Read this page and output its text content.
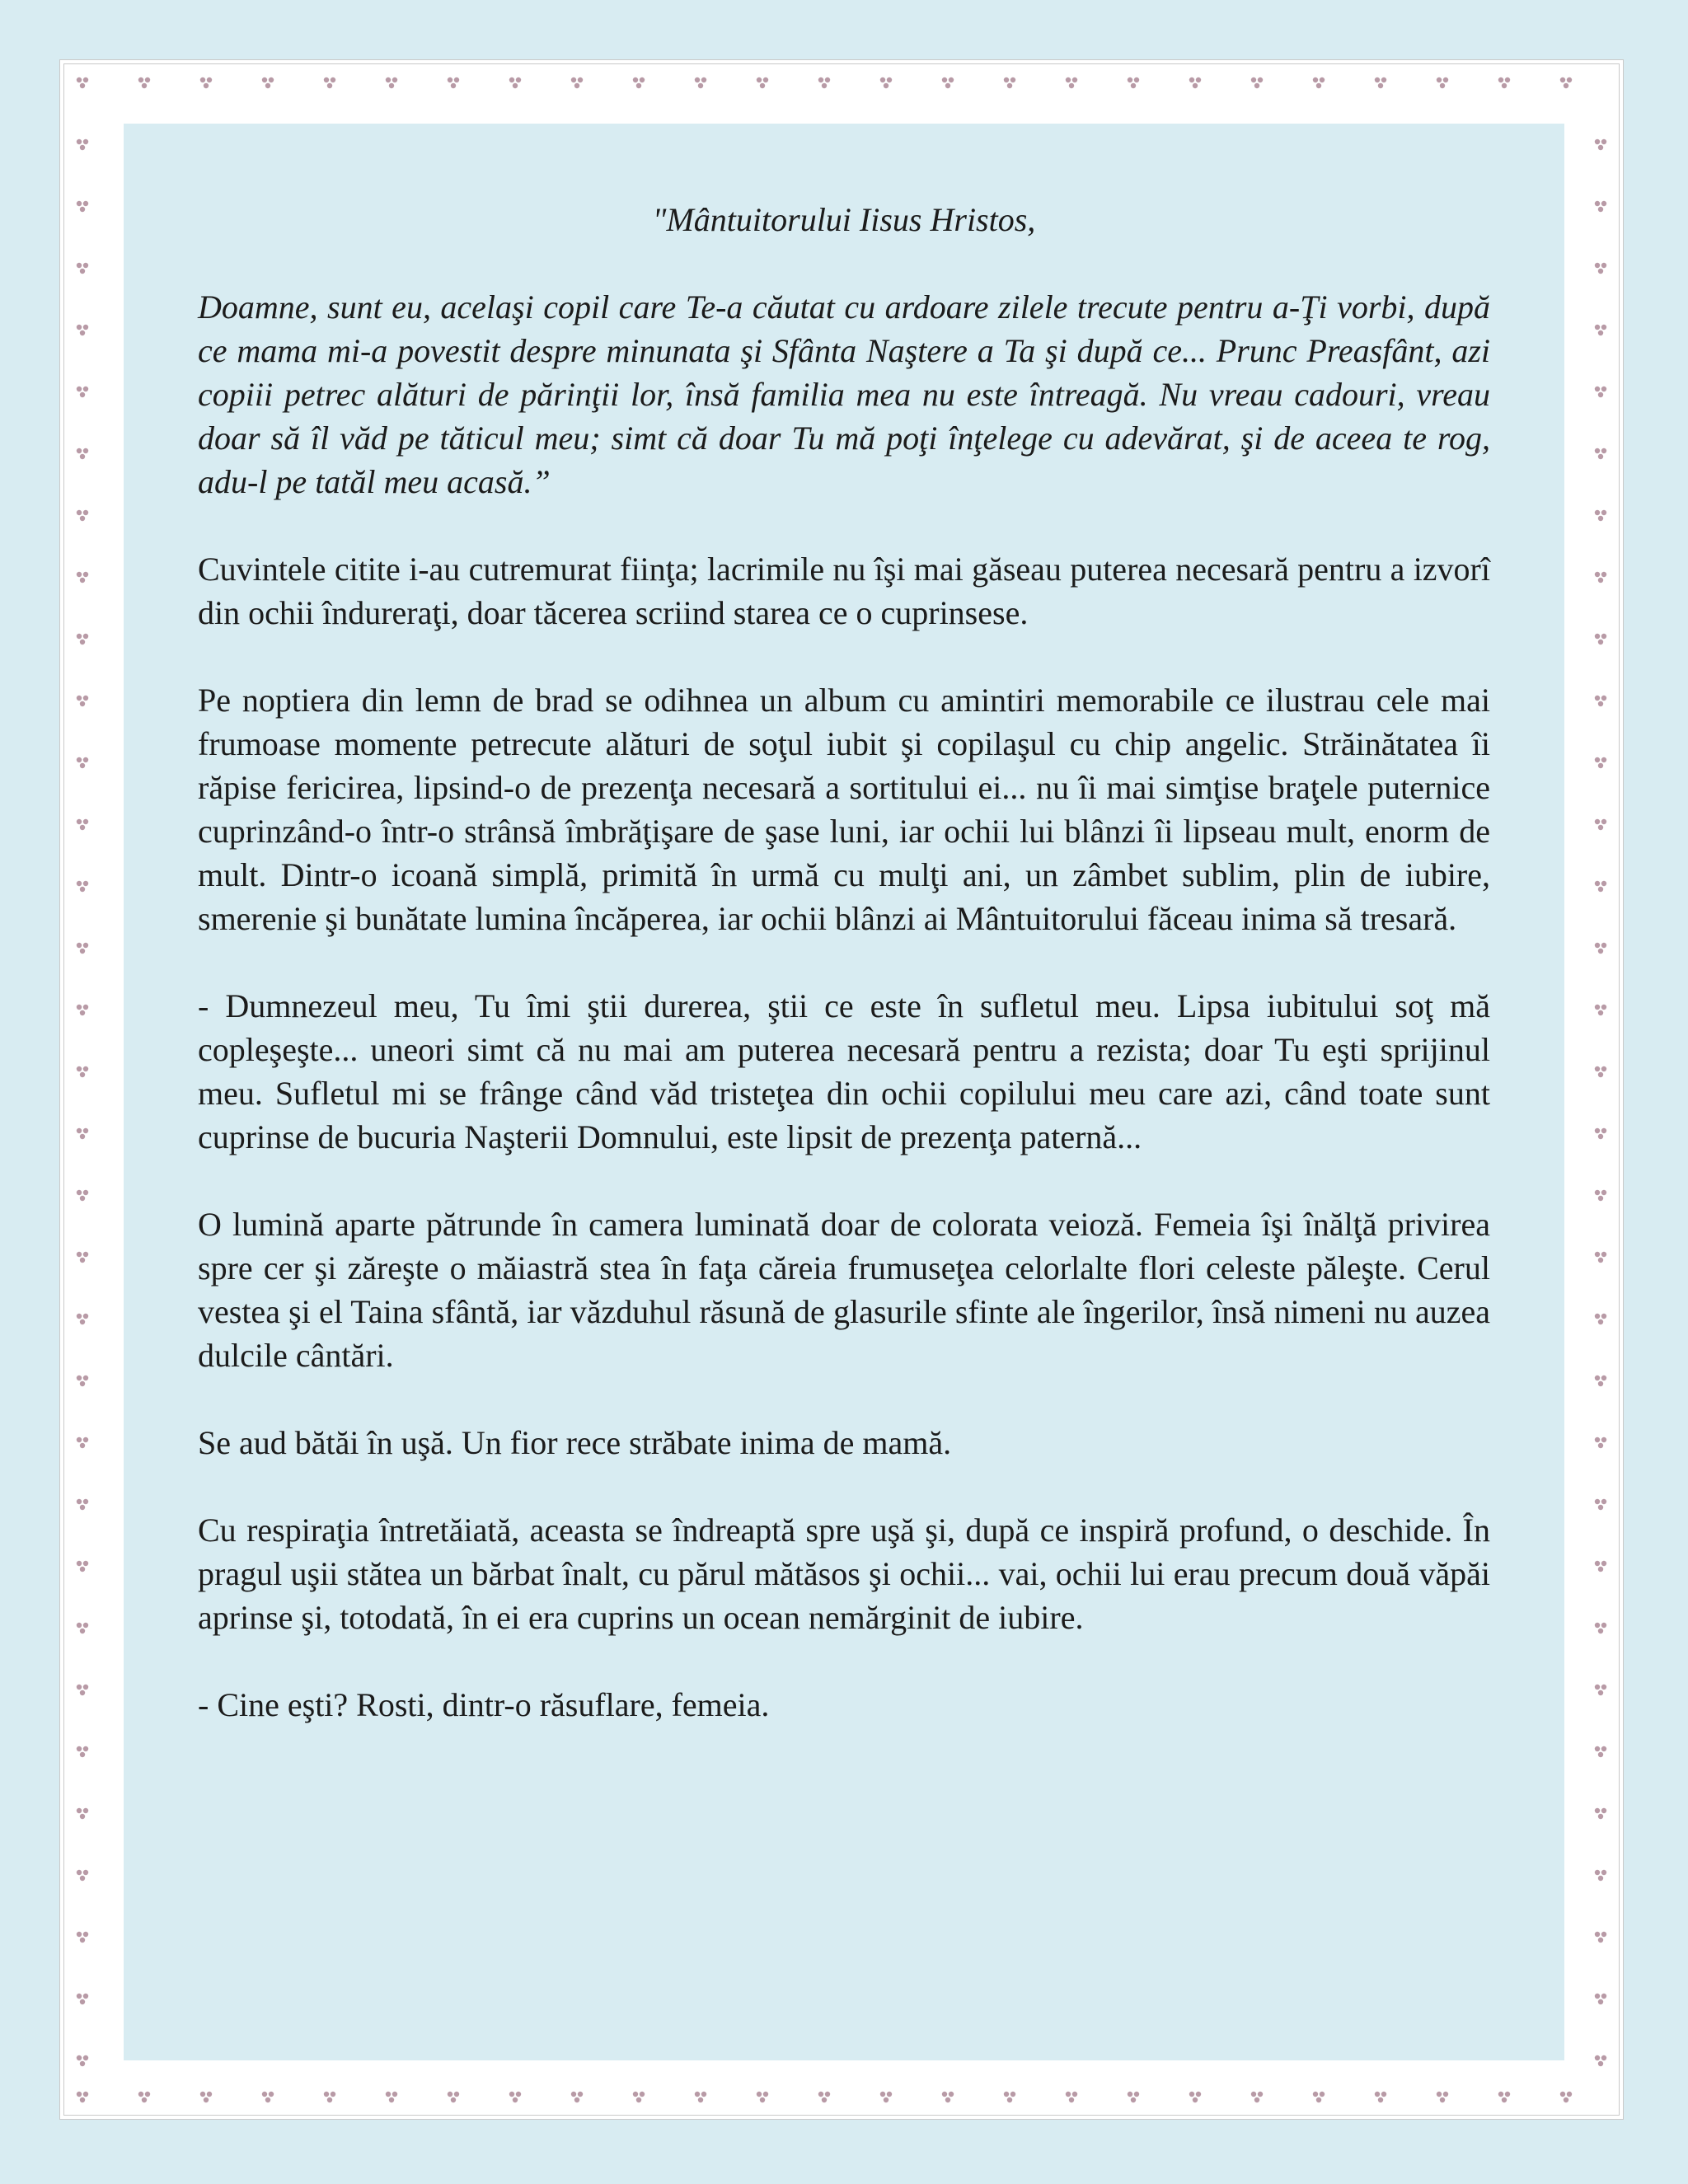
"Mântuitorului Iisus Hristos,

Doamne, sunt eu, acelaşi copil care Te-a căutat cu ardoare zilele trecute pentru a-Ţi vorbi, după ce mama mi-a povestit despre minunata şi Sfânta Naştere a Ta şi după ce... Prunc Preasfânt, azi copiii petrec alături de părinţii lor, însă familia mea nu este întreagă. Nu vreau cadouri, vreau doar să îl văd pe tăticul meu; simt că doar Tu mă poţi înţelege cu adevărat, şi de aceea te rog, adu-l pe tatăl meu acasă.”

Cuvintele citite i-au cutremurat fiinţa; lacrimile nu îşi mai găseau puterea necesară pentru a izvorî din ochii îndureraţi, doar tăcerea scriind starea ce o cuprinsese.

Pe noptiera din lemn de brad se odihnea un album cu amintiri memorabile ce ilustrau cele mai frumoase momente petrecute alături de soţul iubit şi copilaşul cu chip angelic. Străinătatea îi răpise fericirea, lipsind-o de prezenţa necesară a sortitului ei... nu îi mai simţise braţele puternice cuprinzând-o într-o strânsă îmbrăţişare de şase luni, iar ochii lui blânzi îi lipseau mult, enorm de mult. Dintr-o icoană simplă, primită în urmă cu mulţi ani, un zâmbet sublim, plin de iubire, smerenie şi bunătate lumina încăperea, iar ochii blânzi ai Mântuitorului făceau inima să tresară.

- Dumnezeul meu, Tu îmi ştii durerea, ştii ce este în sufletul meu. Lipsa iubitului soţ mă copleşeşte... uneori simt că nu mai am puterea necesară pentru a rezista; doar Tu eşti sprijinul meu. Sufletul mi se frânge când văd tristeţea din ochii copilului meu care azi, când toate sunt cuprinse de bucuria Naşterii Domnului, este lipsit de prezenţa paternă...

O lumină aparte pătrunde în camera luminată doar de colorata veioză. Femeia îşi înălţă privirea spre cer şi zăreşte o măiastră stea în faţa căreia frumuseţea celorlalte flori celeste păleşte. Cerul vestea şi el Taina sfântă, iar văzduhul răsună de glasurile sfinte ale îngerilor, însă nimeni nu auzea dulcile cântări.

Se aud bătăi în uşă. Un fior rece străbate inima de mamă.

Cu respiraţia întretăiată, aceasta se îndreaptă spre uşă şi, după ce inspiră profund, o deschide. În pragul uşii stătea un bărbat înalt, cu părul mătăsos şi ochii... vai, ochii lui erau precum două văpăi aprinse şi, totodată, în ei era cuprins un ocean nemărginit de iubire.

- Cine eşti? Rosti, dintr-o răsuflare, femeia.
